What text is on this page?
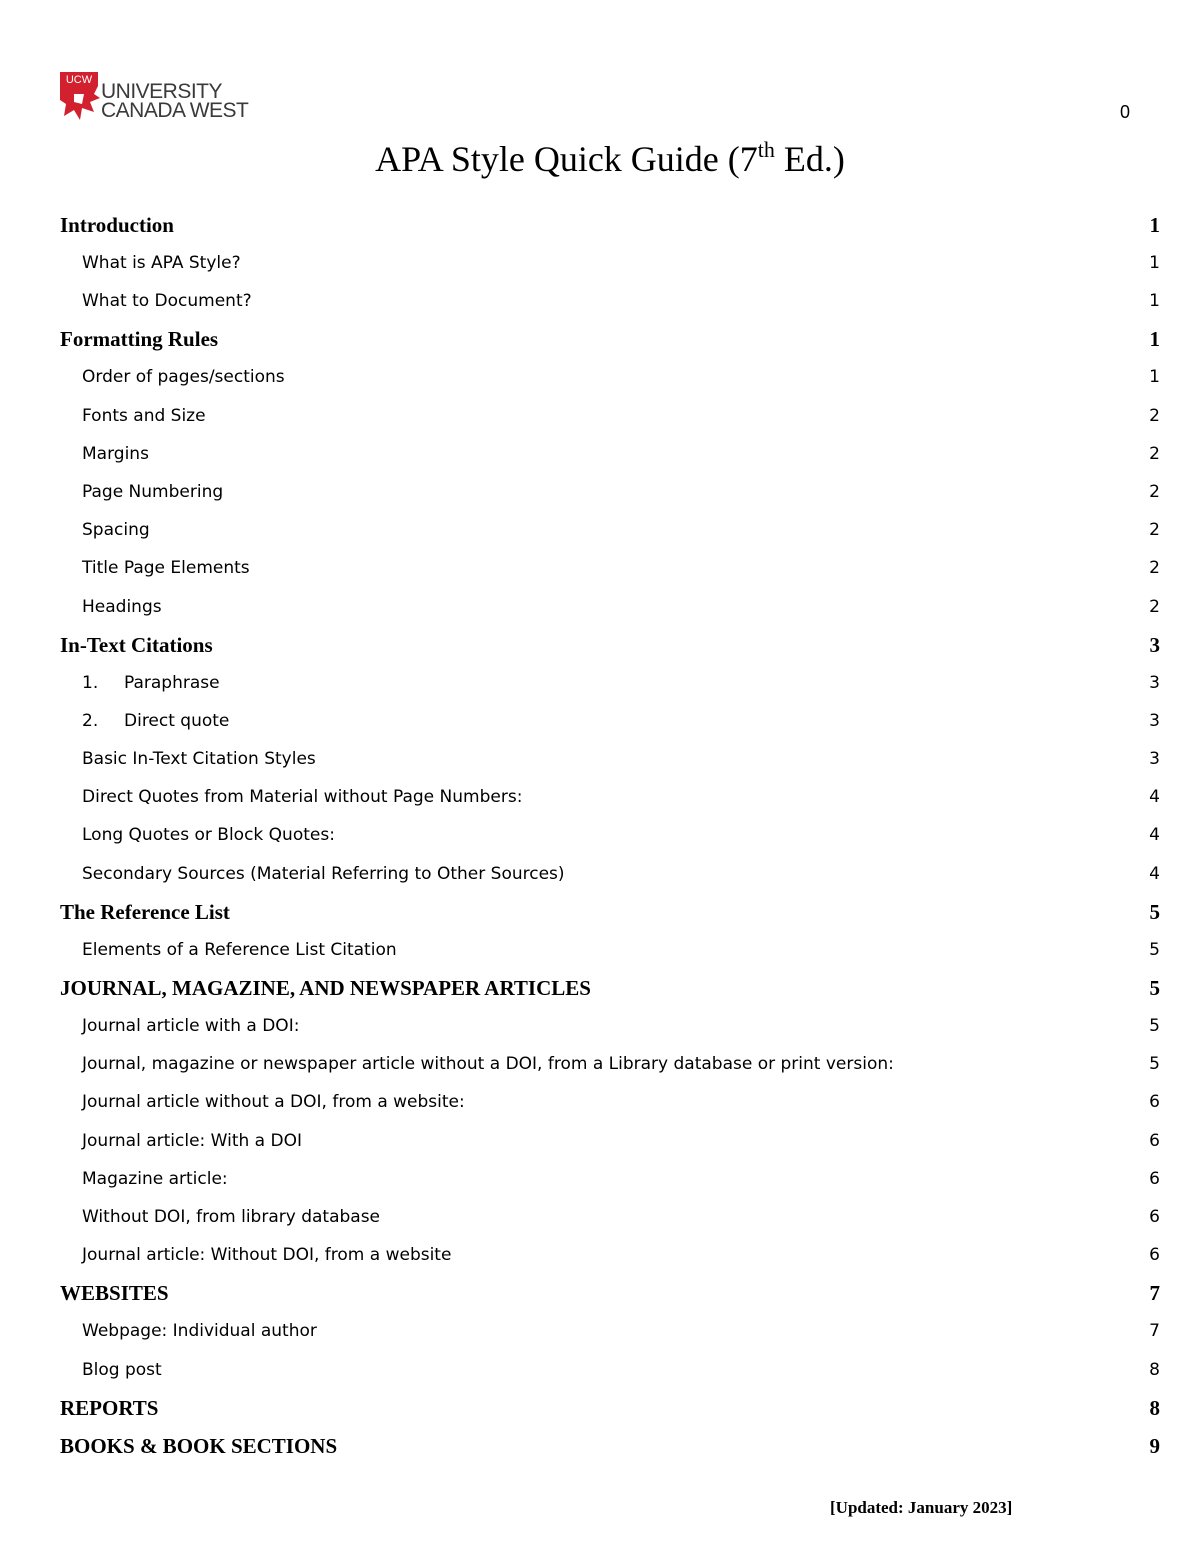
UCW UNIVERSITY
CANADA WEST	0
APA Style Quick Guide (7th Ed.)
Introduction	1
What is APA Style?	1
What to Document?	1
Formatting Rules	1
Order of pages/sections	1
Fonts and Size	2
Margins	2
Page Numbering	2
Spacing	2
Title Page Elements	2
Headings	2
In-Text Citations	3
1. Paraphrase	3
2. Direct quote	3
Basic In-Text Citation Styles	3
Direct Quotes from Material without Page Numbers:	4
Long Quotes or Block Quotes:	4
Secondary Sources (Material Referring to Other Sources)	4
The Reference List	5
Elements of a Reference List Citation	5
JOURNAL, MAGAZINE, AND NEWSPAPER ARTICLES	5
Journal article with a DOI:	5
Journal, magazine or newspaper article without a DOI, from a Library database or print version:	5
Journal article without a DOI, from a website:	6
Journal article: With a DOI	6
Magazine article:	6
Without DOI, from library database	6
Journal article: Without DOI, from a website	6
WEBSITES	7
Webpage: Individual author	7
Blog post	8
REPORTS	8
BOOKS & BOOK SECTIONS	9
[Updated: January 2023]
